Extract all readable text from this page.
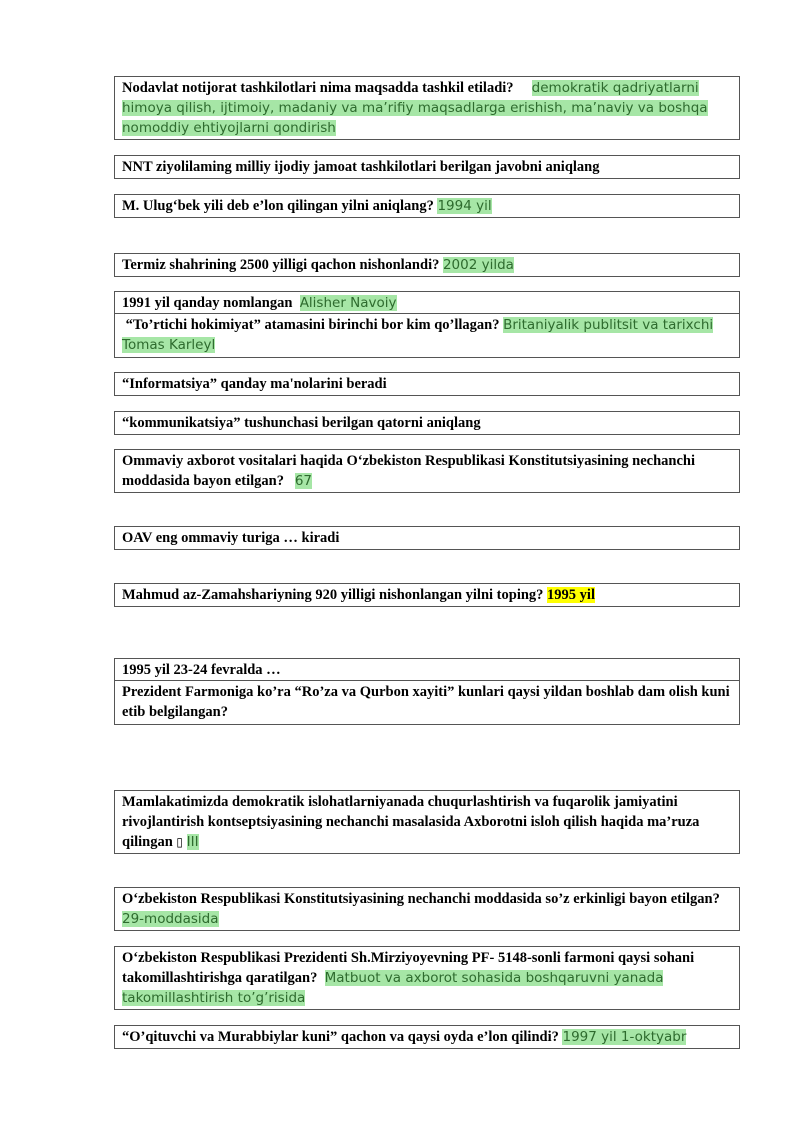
Nodavlat notijorat tashkilotlari nima maqsadda tashkil etiladi? demokratik qadriyatlarni himoya qilish, ijtimoiy, madaniy va ma’rifiy maqsadlarga erishish, ma’naviy va boshqa nomoddiy ehtiyojlarni qondirish
NNT ziyolilaming milliy ijodiy jamoat tashkilotlari berilgan javobni aniqlang
M. Ulug‘bek yili deb e’lon qilingan yilni aniqlang? 1994 yil
Termiz shahrining 2500 yilligi qachon nishonlandi? 2002 yilda
1991 yil qanday nomlangan Alisher Navoiy
“To’rtichi hokimiyat” atamasini birinchi bor kim qo’llagan? Britaniyalik publitsit va tarixchi Tomas Karleyl
“Informatsiya” qanday ma'nolarini beradi
“kommunikatsiya” tushunchasi berilgan qatorni aniqlang
Ommaviy axborot vositalari haqida O‘zbekiston Respublikasi Konstitutsiyasining nechanchi moddasida bayon etilgan? 67
OAV eng ommaviy turiga … kiradi
Mahmud az-Zamahshariyning 920 yilligi nishonlangan yilni toping? 1995 yil
1995 yil 23-24 fevralda …
Prezident Farmoniga ko’ra “Ro’za va Qurbon xayiti” kunlari qaysi yildan boshlab dam olish kuni etib belgilangan?
Mamlakatimizda demokratik islohatlarniyanada chuqurlashtirish va fuqarolik jamiyatini rivojlantirish kontseptsiyasining nechanchi masalasida Axborotni isloh qilish haqida ma’ruza qilingan ▯ III
O‘zbekiston Respublikasi Konstitutsiyasining nechanchi moddasida so’z erkinligi bayon etilgan? 29-moddasida
O‘zbekiston Respublikasi Prezidenti Sh.Mirziyoyevning PF- 5148-sonli farmoni qaysi sohani takomillashtirishga qaratilgan? Matbuot va axborot sohasida boshqaruvni yanada takomillashtirish to’g’risida
“O’qituvchi va Murabbiylar kuni” qachon va qaysi oyda e’lon qilindi? 1997 yil 1-oktyabr
